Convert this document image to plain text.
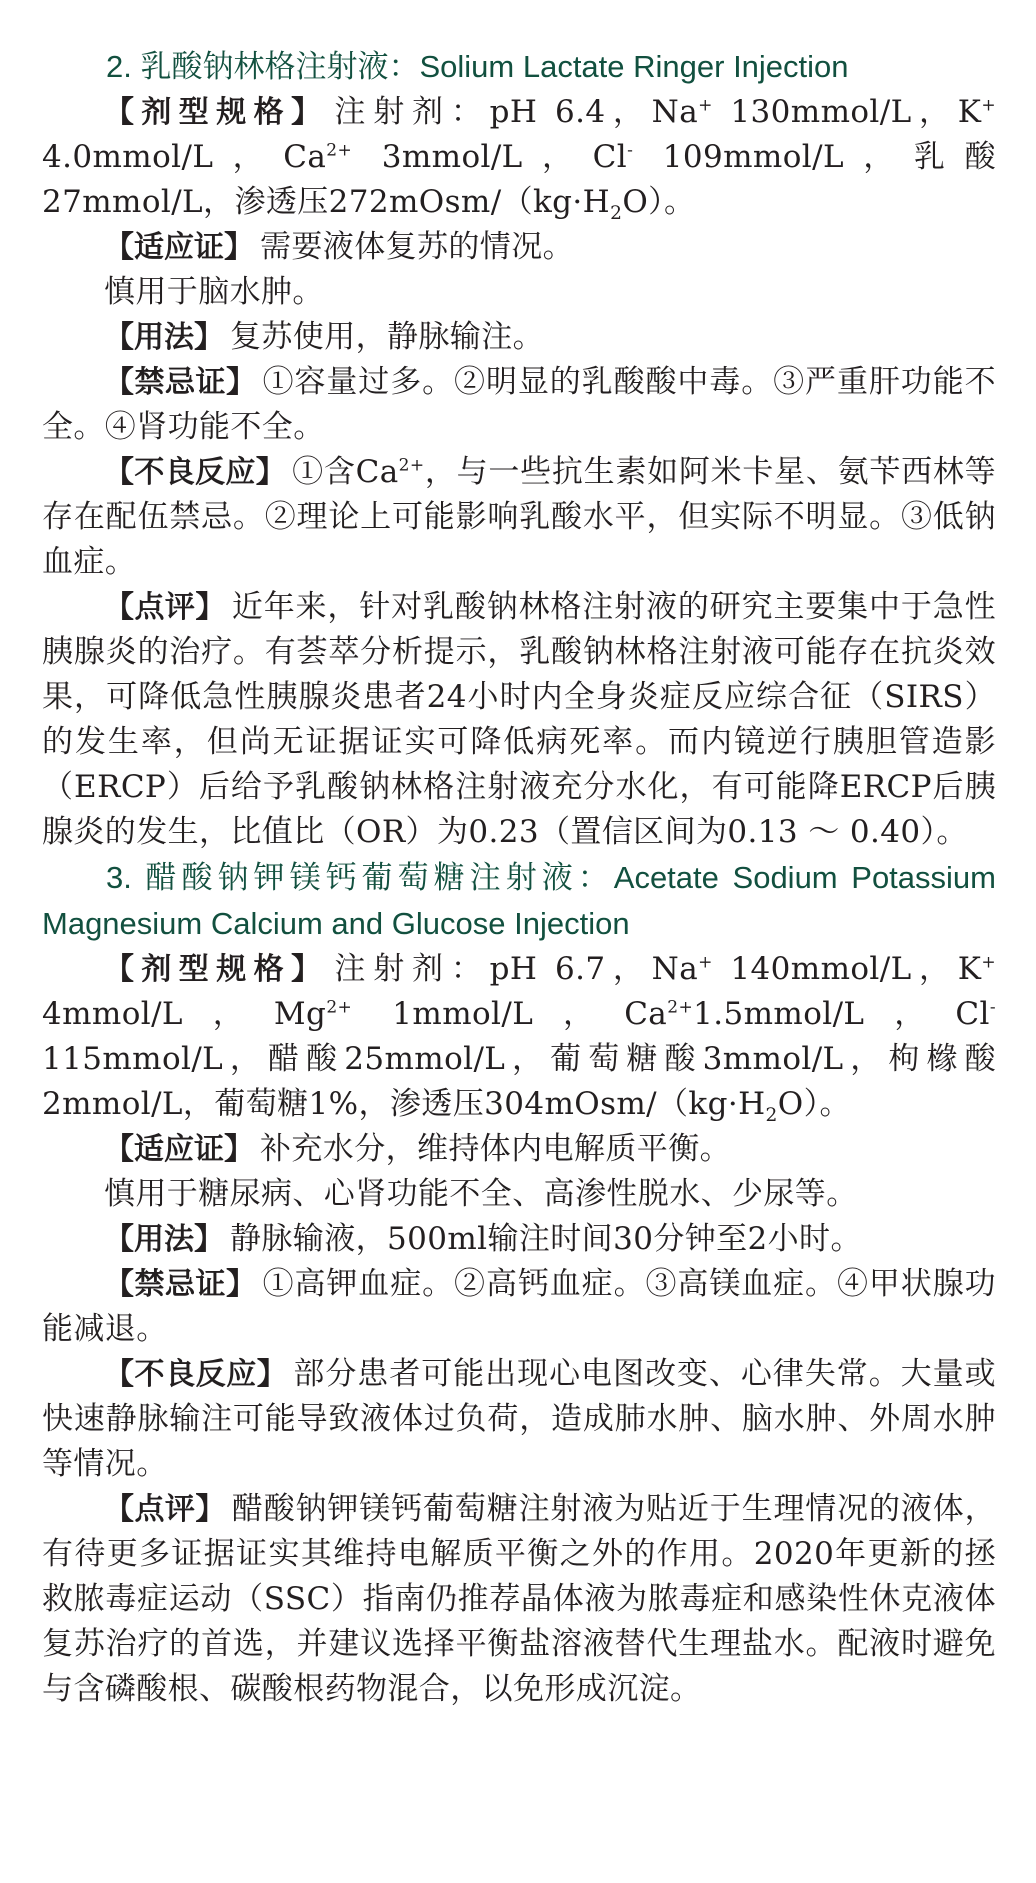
2. 乳酸钠林格注射液：Solium Lactate Ringer Injection

【剂型规格】 注射剂：pH 6.4，Na+ 130mmol/L，K+ 4.0mmol/L，$Ca^{2+}$ 3mmol/L，Cl- 109mmol/L，乳酸27mmol/L，渗透压$272mOsm/(kg\cdot H_2O)$。

【适应证】 需要液体复苏的情况。

慎用于脑水肿。

【用法】 复苏使用，静脉输注。

【禁忌证】 ①容量过多。②明显的乳酸酸中毒。③严重肝功能不全。④肾功能不全。

【不良反应】 ①含$Ca^{2+}$，与一些抗生素如阿米卡星、氨苄西林等存在配伍禁忌。②理论上可能影响乳酸水平，但实际不明显。③低钠血症。

【点评】 近年来，针对乳酸钠林格注射液的研究主要集中于急性胰腺炎的治疗。有荟萃分析提示，乳酸钠林格注射液可能存在抗炎效果，可降低急性胰腺炎患者24小时内全身炎症反应综合征（SIRS）的发生率，但尚无证据证实可降低病死率。而内镜逆行胰胆管造影（ERCP）后给予乳酸钠林格注射液充分水化，有可能降ERCP后胰腺炎的发生，比值比（OR）为0.23（置信区间为0.13 ～ 0.40）。

3. 醋酸钠钾镁钙葡萄糖注射液：Acetate Sodium Potassium Magnesium Calcium and Glucose Injection

【剂型规格】 注射剂：pH 6.7，Na+ 140mmol/L，K+ 4mmol/L，$Mg^{2+}$ 1mmol/L，$Ca^{2+}1.5mmol/L$，Cl- 115mmol/L，醋酸25mmol/L，葡萄糖酸3mmol/L，枸橼酸2mmol/L，葡萄糖1%，渗透压$304mOsm/(kg\cdot H_2O)$。

【适应证】 补充水分，维持体内电解质平衡。

慎用于糖尿病、心肾功能不全、高渗性脱水、少尿等。

【用法】 静脉输液，500ml输注时间30分钟至2小时。

【禁忌证】 ①高钾血症。②高钙血症。③高镁血症。④甲状腺功能减退。

【不良反应】 部分患者可能出现心电图改变、心律失常。大量或快速静脉输注可能导致液体过负荷，造成肺水肿、脑水肿、外周水肿等情况。

【点评】 醋酸钠钾镁钙葡萄糖注射液为贴近于生理情况的液体，有待更多证据证实其维持电解质平衡之外的作用。2020年更新的拯救脓毒症运动（SSC）指南仍推荐晶体液为脓毒症和感染性休克液体复苏治疗的首选，并建议选择平衡盐溶液替代生理盐水。配液时避免与含磷酸根、碳酸根药物混合，以免形成沉淀。
